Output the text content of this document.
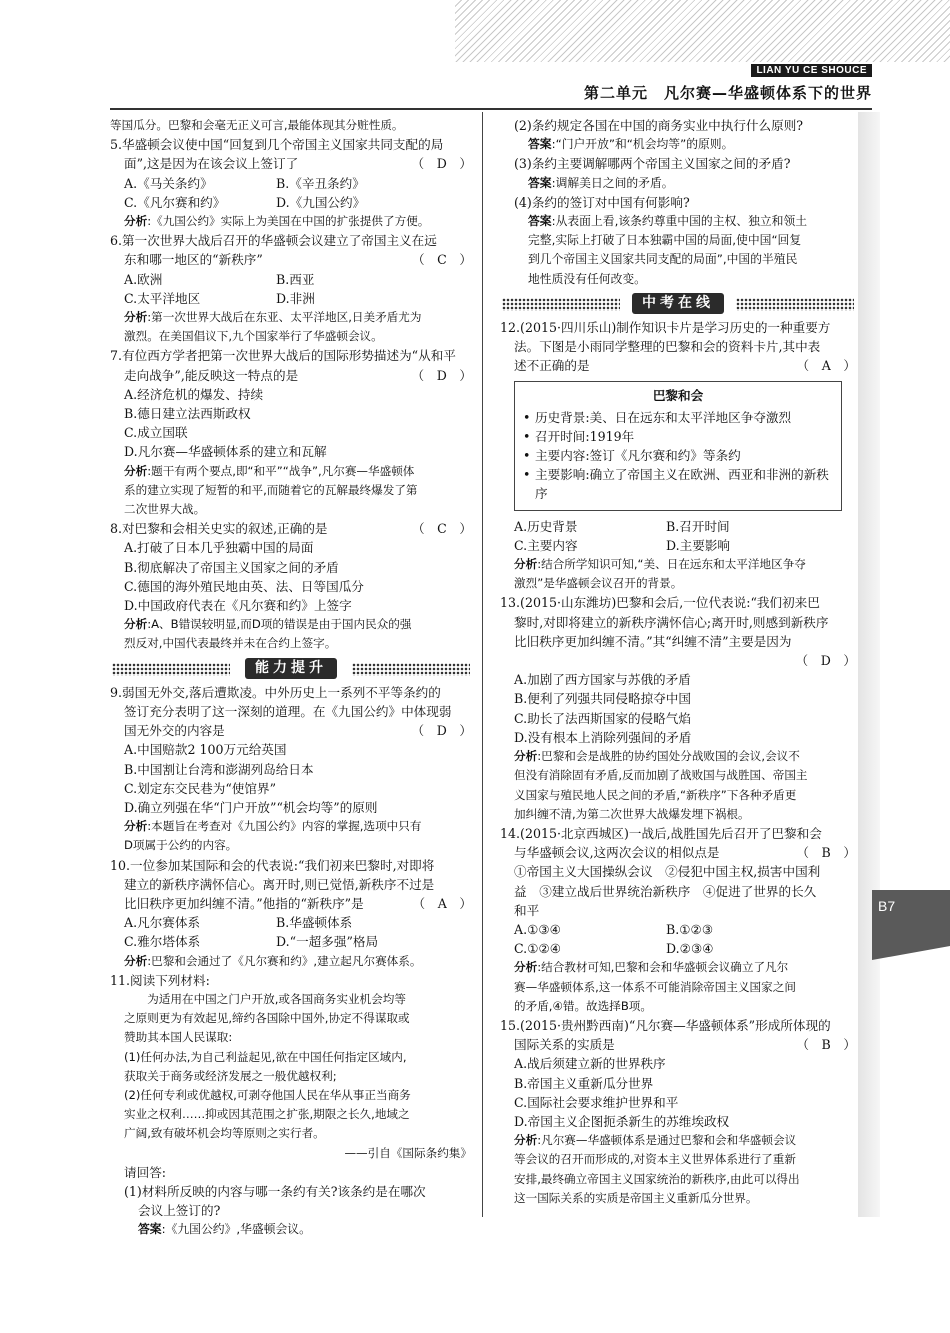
LIAN YU CE SHOUCE
第二单元　凡尔赛—华盛顿体系下的世界
B7

等国瓜分。巴黎和会毫无正义可言,最能体现其分赃性质。

5.华盛顿会议使中国“回复到几个帝国主义国家共同支配的局

面”,这是因为在该会议上签订了	（　D　）

A.《马关条约》	B.《辛丑条约》
C.《凡尔赛和约》	D.《九国公约》

分析:《九国公约》实际上为美国在中国的扩张提供了方便。

6.第一次世界大战后召开的华盛顿会议建立了帝国主义在远

东和哪一地区的“新秩序”	（　C　）

A.欧洲	B.西亚
C.太平洋地区	D.非洲

分析:第一次世界大战后在东亚、太平洋地区,日美矛盾尤为

激烈。在美国倡议下,九个国家举行了华盛顿会议。

7.有位西方学者把第一次世界大战后的国际形势描述为“从和平

走向战争”,能反映这一特点的是	（　D　）

A.经济危机的爆发、持续

B.德日建立法西斯政权

C.成立国联

D.凡尔赛—华盛顿体系的建立和瓦解

分析:题干有两个要点,即“和平”“战争”,凡尔赛—华盛顿体

系的建立实现了短暂的和平,而随着它的瓦解最终爆发了第

二次世界大战。

8.对巴黎和会相关史实的叙述,正确的是	（　C　）

A.打破了日本几乎独霸中国的局面

B.彻底解决了帝国主义国家之间的矛盾

C.德国的海外殖民地由英、法、日等国瓜分

D.中国政府代表在《凡尔赛和约》上签字

分析:A、B错误较明显,而D项的错误是由于国内民众的强

烈反对,中国代表最终并未在合约上签字。

能力提升

9.弱国无外交,落后遭欺凌。中外历史上一系列不平等条约的

签订充分表明了这一深刻的道理。在《九国公约》中体现弱

国无外交的内容是	（　D　）

A.中国赔款2 100万元给英国

B.中国割让台湾和澎湖列岛给日本

C.划定东交民巷为“使馆界”

D.确立列强在华“门户开放”“机会均等”的原则

分析:本题旨在考查对《九国公约》内容的掌握,选项中只有

D项属于公约的内容。

10.一位参加某国际和会的代表说:“我们初来巴黎时,对即将

建立的新秩序满怀信心。离开时,则已觉悟,新秩序不过是

比旧秩序更加纠缠不清。”他指的“新秩序”是	（　A　）

A.凡尔赛体系	B.华盛顿体系
C.雅尔塔体系	D.“一超多强”格局

分析:巴黎和会通过了《凡尔赛和约》,建立起凡尔赛体系。

11.阅读下列材料:

为适用在中国之门户开放,或各国商务实业机会均等

之原则更为有效起见,缔约各国除中国外,协定不得谋取或

赞助其本国人民谋取:

(1)任何办法,为自己利益起见,欲在中国任何指定区域内,

获取关于商务或经济发展之一般优越权利;

(2)任何专利或优越权,可剥夺他国人民在华从事正当商务

实业之权利……抑或因其范围之扩张,期限之长久,地域之

广阔,致有破坏机会均等原则之实行者。

——引自《国际条约集》

请回答:

(1)材料所反映的内容与哪一条约有关?该条约是在哪次

会议上签订的?

答案:《九国公约》,华盛顿会议。

(2)条约规定各国在中国的商务实业中执行什么原则?

答案:“门户开放”和“机会均等”的原则。

(3)条约主要调解哪两个帝国主义国家之间的矛盾?

答案:调解美日之间的矛盾。

(4)条约的签订对中国有何影响?

答案:从表面上看,该条约尊重中国的主权、独立和领土

完整,实际上打破了日本独霸中国的局面,使中国“回复

到几个帝国主义国家共同支配的局面”,中国的半殖民

地性质没有任何改变。

中考在线

12.(2015·四川乐山)制作知识卡片是学习历史的一种重要方

法。下图是小雨同学整理的巴黎和会的资料卡片,其中表

述不正确的是	（　A　）

巴黎和会

• 历史背景:美、日在远东和太平洋地区争夺激烈

• 召开时间:1919年

• 主要内容:签订《凡尔赛和约》等条约

• 主要影响:确立了帝国主义在欧洲、西亚和非洲的新秩序

A.历史背景	B.召开时间
C.主要内容	D.主要影响

分析:结合所学知识可知,“美、日在远东和太平洋地区争夺

激烈”是华盛顿会议召开的背景。

13.(2015·山东潍坊)巴黎和会后,一位代表说:“我们初来巴

黎时,对即将建立的新秩序满怀信心;离开时,则感到新秩序

比旧秩序更加纠缠不清。”其“纠缠不清”主要是因为

（　D　）

A.加剧了西方国家与苏俄的矛盾

B.便利了列强共同侵略掠夺中国

C.助长了法西斯国家的侵略气焰

D.没有根本上消除列强间的矛盾

分析:巴黎和会是战胜的协约国处分战败国的会议,会议不

但没有消除固有矛盾,反而加剧了战败国与战胜国、帝国主

义国家与殖民地人民之间的矛盾,“新秩序”下各种矛盾更

加纠缠不清,为第二次世界大战爆发埋下祸根。

14.(2015·北京西城区)一战后,战胜国先后召开了巴黎和会

与华盛顿会议,这两次会议的相似点是	（　B　）

①帝国主义大国操纵会议　②侵犯中国主权,损害中国利

益　③建立战后世界统治新秩序　④促进了世界的长久

和平

A.①③④	B.①②③
C.①②④	D.②③④

分析:结合教材可知,巴黎和会和华盛顿会议确立了凡尔

赛—华盛顿体系,这一体系不可能消除帝国主义国家之间

的矛盾,④错。故选择B项。

15.(2015·贵州黔西南)“凡尔赛—华盛顿体系”形成所体现的

国际关系的实质是	（　B　）

A.战后须建立新的世界秩序

B.帝国主义重新瓜分世界

C.国际社会要求维护世界和平

D.帝国主义企图扼杀新生的苏维埃政权

分析:凡尔赛—华盛顿体系是通过巴黎和会和华盛顿会议

等会议的召开而形成的,对资本主义世界体系进行了重新

安排,最终确立帝国主义国家统治的新秩序,由此可以得出

这一国际关系的实质是帝国主义重新瓜分世界。
